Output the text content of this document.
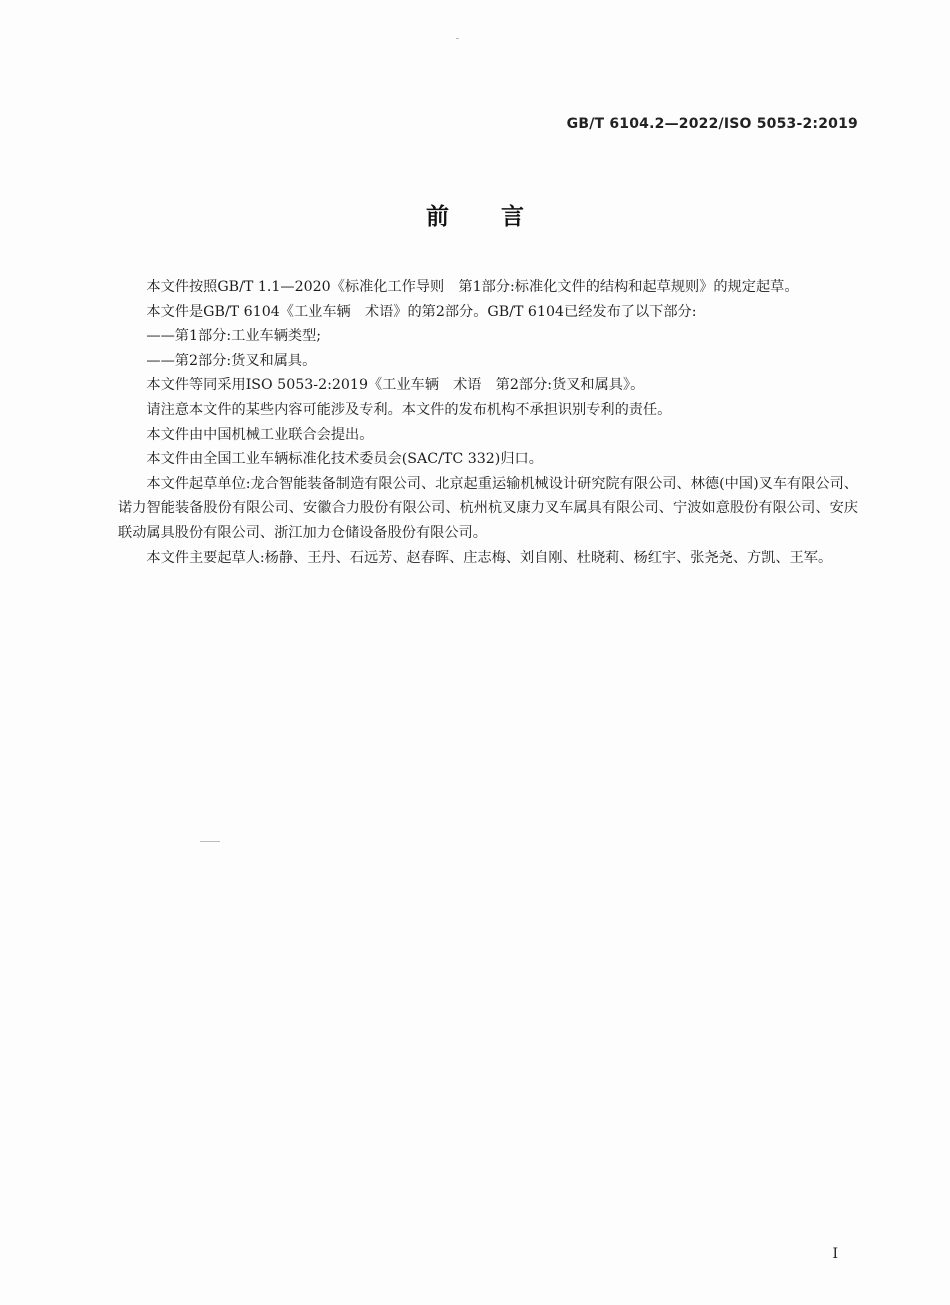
GB/T 6104.2—2022/ISO 5053-2:2019
前言

本文件按照GB/T 1.1—2020《标准化工作导则　第1部分:标准化文件的结构和起草规则》的规定起草。

本文件是GB/T 6104《工业车辆　术语》的第2部分。GB/T 6104已经发布了以下部分:

——第1部分:工业车辆类型;

——第2部分:货叉和属具。

本文件等同采用ISO 5053-2:2019《工业车辆　术语　第2部分:货叉和属具》。

请注意本文件的某些内容可能涉及专利。本文件的发布机构不承担识别专利的责任。

本文件由中国机械工业联合会提出。

本文件由全国工业车辆标准化技术委员会(SAC/TC 332)归口。

本文件起草单位:龙合智能装备制造有限公司、北京起重运输机械设计研究院有限公司、林德(中国)叉车有限公司、诺力智能装备股份有限公司、安徽合力股份有限公司、杭州杭叉康力叉车属具有限公司、宁波如意股份有限公司、安庆联动属具股份有限公司、浙江加力仓储设备股份有限公司。

本文件主要起草人:杨静、王丹、石远芳、赵春晖、庄志梅、刘自刚、杜晓莉、杨红宇、张尧尧、方凯、王军。

I
